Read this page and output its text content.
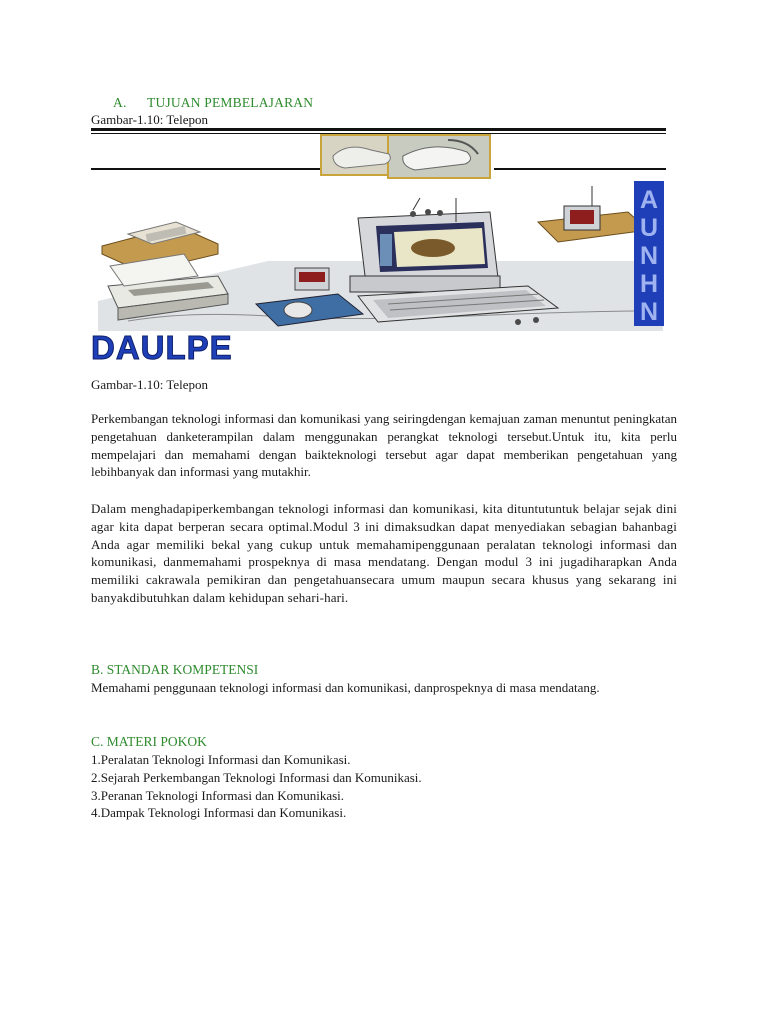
A. TUJUAN PEMBELAJARAN
Gambar-1.10: Telepon
A
U
N
H
N
DAULPE
Gambar-1.10: Telepon

Perkembangan teknologi informasi dan komunikasi yang seiringdengan kemajuan zaman menuntut peningkatan pengetahuan danketerampilan dalam menggunakan perangkat teknologi tersebut.Untuk itu, kita perlu mempelajari dan memahami dengan baikteknologi tersebut agar dapat memberikan pengetahuan yang lebihbanyak dan informasi yang mutakhir.

Dalam menghadapiperkembangan teknologi informasi dan komunikasi, kita dituntutuntuk belajar sejak dini agar kita dapat berperan secara optimal.Modul 3 ini dimaksudkan dapat menyediakan sebagian bahanbagi Anda agar memiliki bekal yang cukup untuk memahamipenggunaan peralatan teknologi informasi dan komunikasi, danmemahami prospeknya di masa mendatang. Dengan modul 3 ini jugadiharapkan Anda memiliki cakrawala pemikiran dan pengetahuansecara umum maupun secara khusus yang sekarang ini banyakdibutuhkan dalam kehidupan sehari-hari.

B. STANDAR KOMPETENSI

Memahami penggunaan teknologi informasi dan komunikasi, danprospeknya di masa mendatang.

C. MATERI POKOK
1.Peralatan Teknologi Informasi dan Komunikasi.
2.Sejarah Perkembangan Teknologi Informasi dan Komunikasi.
3.Peranan Teknologi Informasi dan Komunikasi.
4.Dampak Teknologi Informasi dan Komunikasi.
